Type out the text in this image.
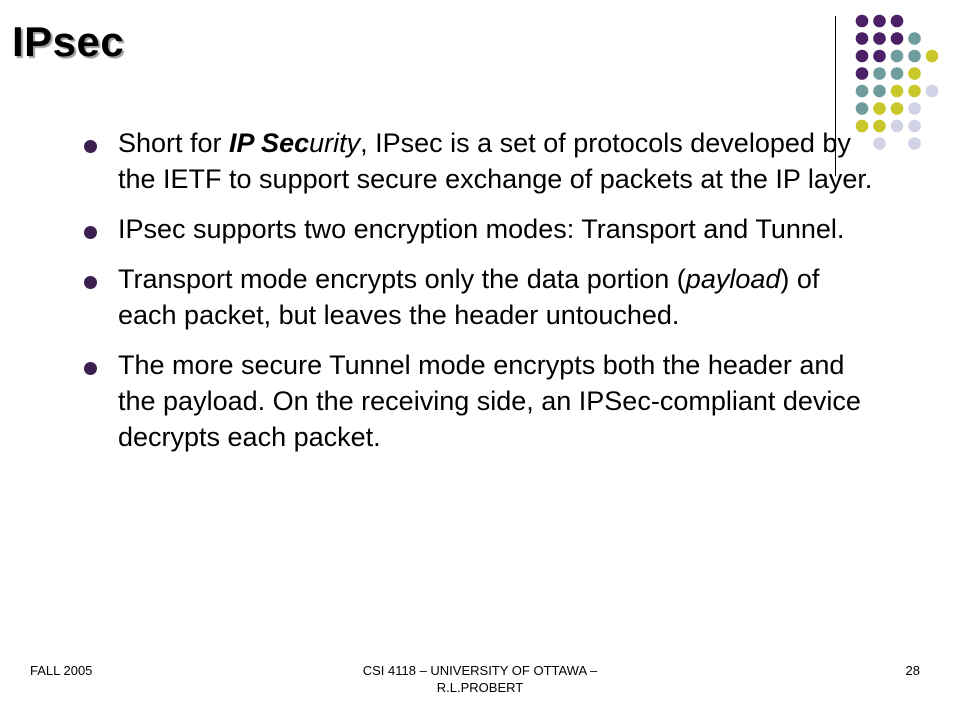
IPsec
Short for IP Security, IPsec is a set of protocols developed by the IETF to support secure exchange of packets at the IP layer.
IPsec supports two encryption modes: Transport and Tunnel.
Transport mode encrypts only the data portion (payload) of each packet, but leaves the header untouched.
The more secure Tunnel mode encrypts both the header and the payload. On the receiving side, an IPSec-compliant device decrypts each packet.
FALL 2005	CSI 4118 – UNIVERSITY OF OTTAWA –
R.L.PROBERT
28
